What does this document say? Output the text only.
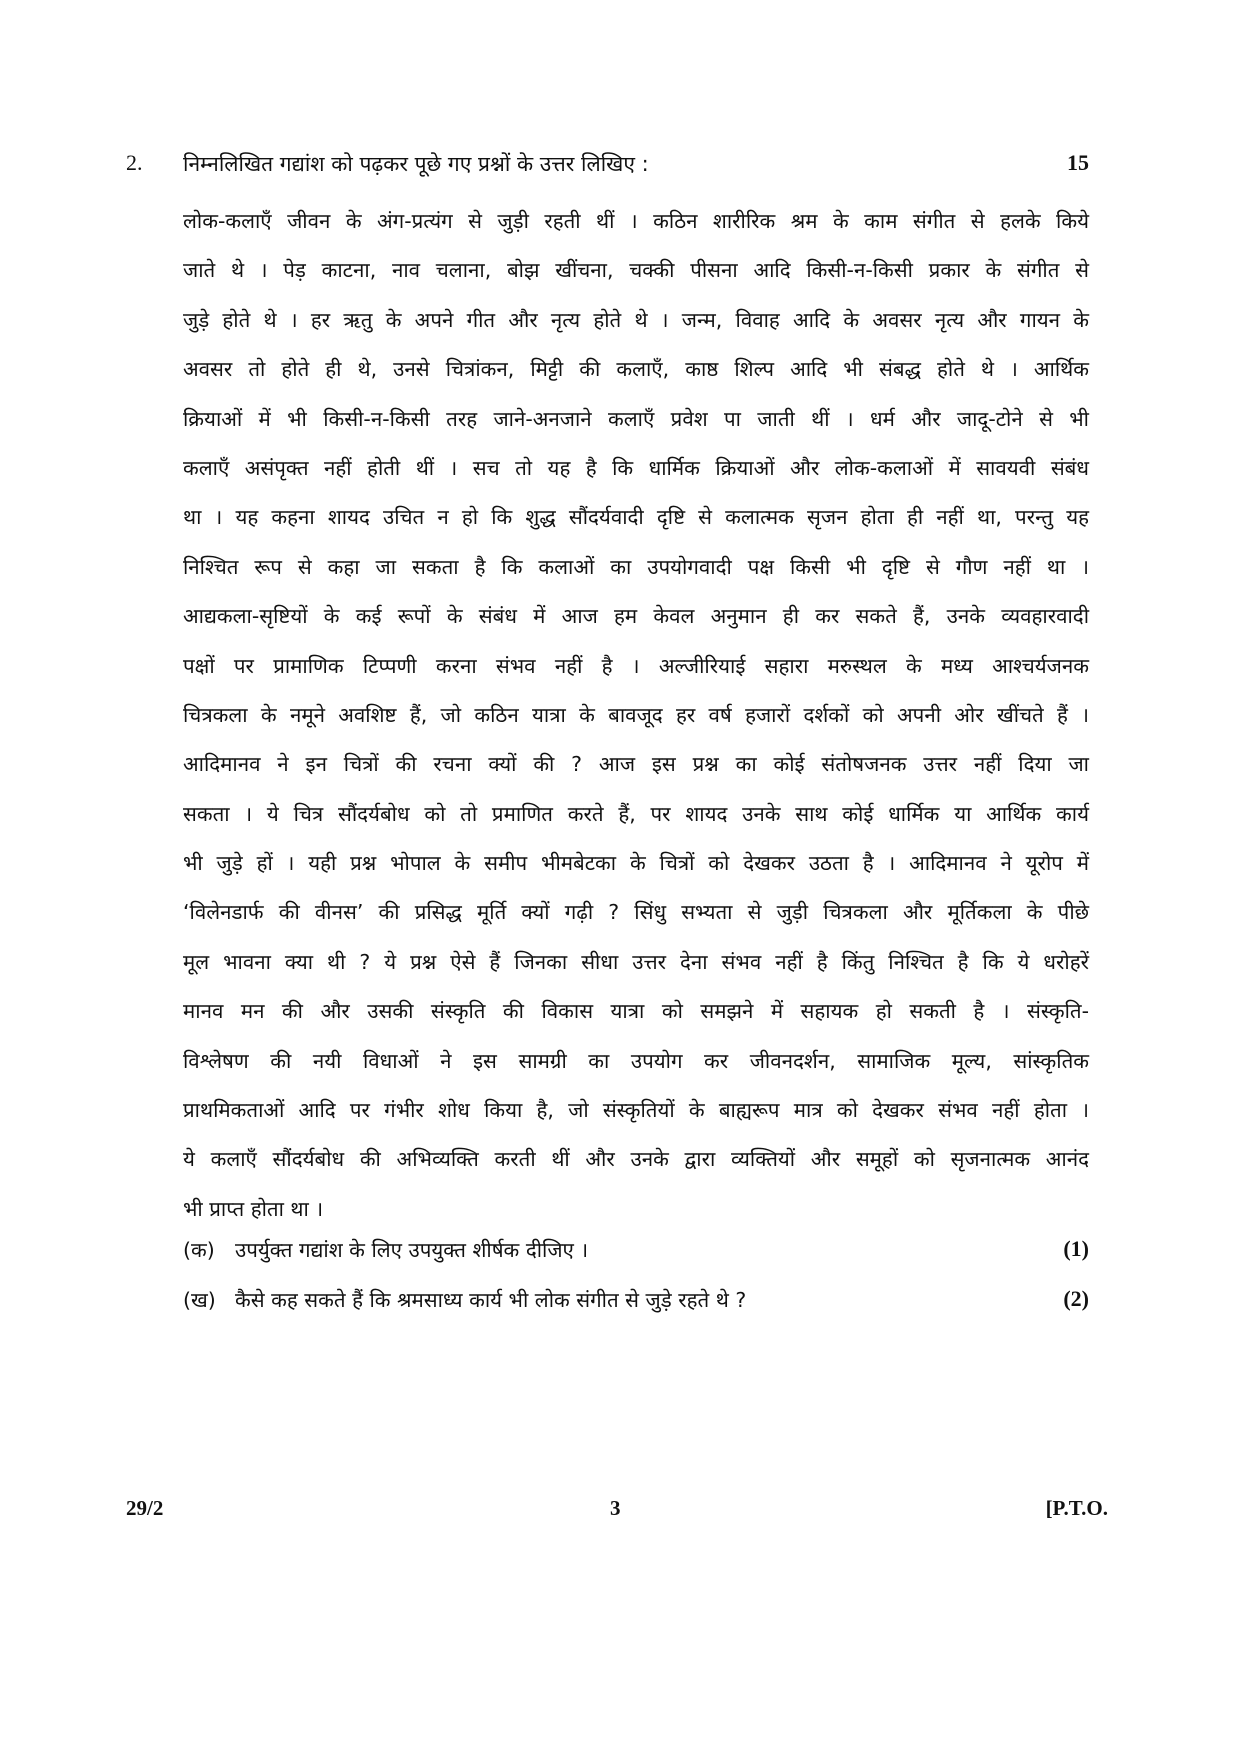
2. निम्नलिखित गद्यांश को पढ़कर पूछे गए प्रश्नों के उत्तर लिखिए :	15
लोक-कलाएँ जीवन के अंग-प्रत्यंग से जुड़ी रहती थीं । कठिन शारीरिक श्रम के काम संगीत से हलके किये
जाते थे । पेड़ काटना, नाव चलाना, बोझ खींचना, चक्की पीसना आदि किसी-न-किसी प्रकार के संगीत से
जुड़े होते थे । हर ऋतु के अपने गीत और नृत्य होते थे । जन्म, विवाह आदि के अवसर नृत्य और गायन के
अवसर तो होते ही थे, उनसे चित्रांकन, मिट्टी की कलाएँ, काष्ठ शिल्प आदि भी संबद्ध होते थे । आर्थिक
क्रियाओं में भी किसी-न-किसी तरह जाने-अनजाने कलाएँ प्रवेश पा जाती थीं । धर्म और जादू-टोने से भी
कलाएँ असंपृक्त नहीं होती थीं । सच तो यह है कि धार्मिक क्रियाओं और लोक-कलाओं में सावयवी संबंध
था । यह कहना शायद उचित न हो कि शुद्ध सौंदर्यवादी दृष्टि से कलात्मक सृजन होता ही नहीं था, परन्तु यह
निश्चित रूप से कहा जा सकता है कि कलाओं का उपयोगवादी पक्ष किसी भी दृष्टि से गौण नहीं था ।
आद्यकला-सृष्टियों के कई रूपों के संबंध में आज हम केवल अनुमान ही कर सकते हैं, उनके व्यवहारवादी
पक्षों पर प्रामाणिक टिप्पणी करना संभव नहीं है । अल्जीरियाई सहारा मरुस्थल के मध्य आश्चर्यजनक
चित्रकला के नमूने अवशिष्ट हैं, जो कठिन यात्रा के बावजूद हर वर्ष हजारों दर्शकों को अपनी ओर खींचते हैं ।
आदिमानव ने इन चित्रों की रचना क्यों की ? आज इस प्रश्न का कोई संतोषजनक उत्तर नहीं दिया जा
सकता । ये चित्र सौंदर्यबोध को तो प्रमाणित करते हैं, पर शायद उनके साथ कोई धार्मिक या आर्थिक कार्य
भी जुड़े हों । यही प्रश्न भोपाल के समीप भीमबेटका के चित्रों को देखकर उठता है । आदिमानव ने यूरोप में
‘विलेनडार्फ की वीनस’ की प्रसिद्ध मूर्ति क्यों गढ़ी ? सिंधु सभ्यता से जुड़ी चित्रकला और मूर्तिकला के पीछे
मूल भावना क्या थी ? ये प्रश्न ऐसे हैं जिनका सीधा उत्तर देना संभव नहीं है किंतु निश्चित है कि ये धरोहरें
मानव मन की और उसकी संस्कृति की विकास यात्रा को समझने में सहायक हो सकती है । संस्कृति-
विश्लेषण की नयी विधाओं ने इस सामग्री का उपयोग कर जीवनदर्शन, सामाजिक मूल्य, सांस्कृतिक
प्राथमिकताओं आदि पर गंभीर शोध किया है, जो संस्कृतियों के बाह्यरूप मात्र को देखकर संभव नहीं होता ।
ये कलाएँ सौंदर्यबोध की अभिव्यक्ति करती थीं और उनके द्वारा व्यक्तियों और समूहों को सृजनात्मक आनंद
भी प्राप्त होता था ।
(क) उपर्युक्त गद्यांश के लिए उपयुक्त शीर्षक दीजिए ।	(1)
(ख) कैसे कह सकते हैं कि श्रमसाध्य कार्य भी लोक संगीत से जुड़े रहते थे ?	(2)
29/2	3	[P.T.O.
